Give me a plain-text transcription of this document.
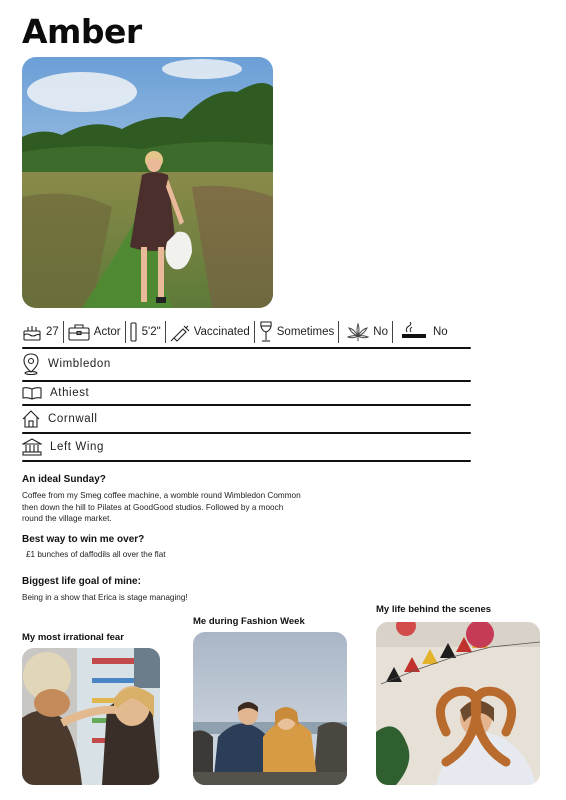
Amber
27	Actor 5'2"	Vaccinated Sometimes	No	No
Wimbledon
Athiest
Cornwall
Left Wing
An ideal Sunday?
Coffee from my Smeg coffee machine, a womble round Wimbledon Common
then down the hill to Pilates at GoodGood studios. Followed by a mooch
round the village market.
Best way to win me over?
£1 bunches of daffodils all over the flat
Biggest life goal of mine:
Being in a show that Erica is stage managing!
My most irrational fear
Me during Fashion Week
My life behind the scenes
